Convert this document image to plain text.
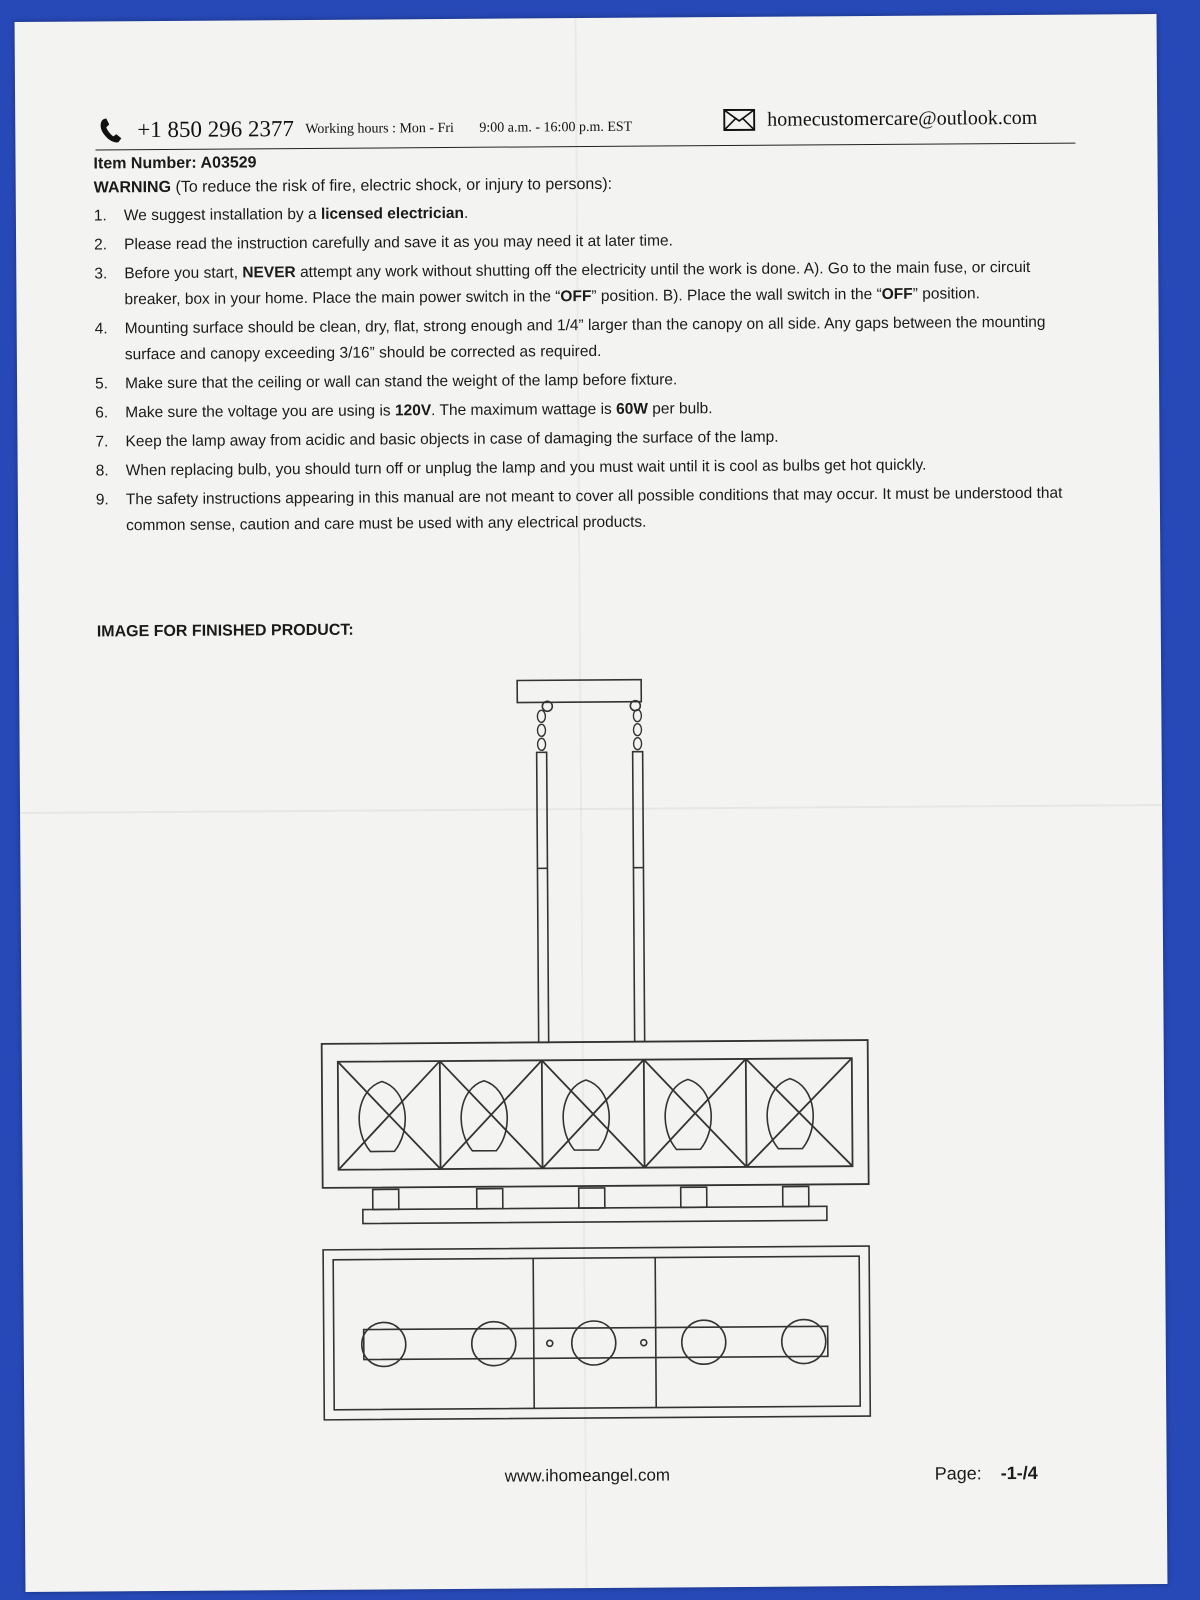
+1 850 296 2377 Working hours : Mon - Fri 9:00 a.m. - 16:00 p.m. EST	homecustomercare@outlook.com

Item Number: A03529

WARNING (To reduce the risk of fire, electric shock, or injury to persons):

1. We suggest installation by a licensed electrician.
2. Please read the instruction carefully and save it as you may need it at later time.
3. Before you start, NEVER attempt any work without shutting off the electricity until the work is done. A). Go to the main fuse, or circuit breaker, box in your home. Place the main power switch in the “OFF” position. B). Place the wall switch in the “OFF” position.
4. Mounting surface should be clean, dry, flat, strong enough and 1/4” larger than the canopy on all side. Any gaps between the mounting surface and canopy exceeding 3/16” should be corrected as required.
5. Make sure that the ceiling or wall can stand the weight of the lamp before fixture.
6. Make sure the voltage you are using is 120V. The maximum wattage is 60W per bulb.
7. Keep the lamp away from acidic and basic objects in case of damaging the surface of the lamp.
8. When replacing bulb, you should turn off or unplug the lamp and you must wait until it is cool as bulbs get hot quickly.
9. The safety instructions appearing in this manual are not meant to cover all possible conditions that may occur. It must be understood that common sense, caution and care must be used with any electrical products.
IMAGE FOR FINISHED PRODUCT:
www.ihomeangel.com	Page: -1-/4
